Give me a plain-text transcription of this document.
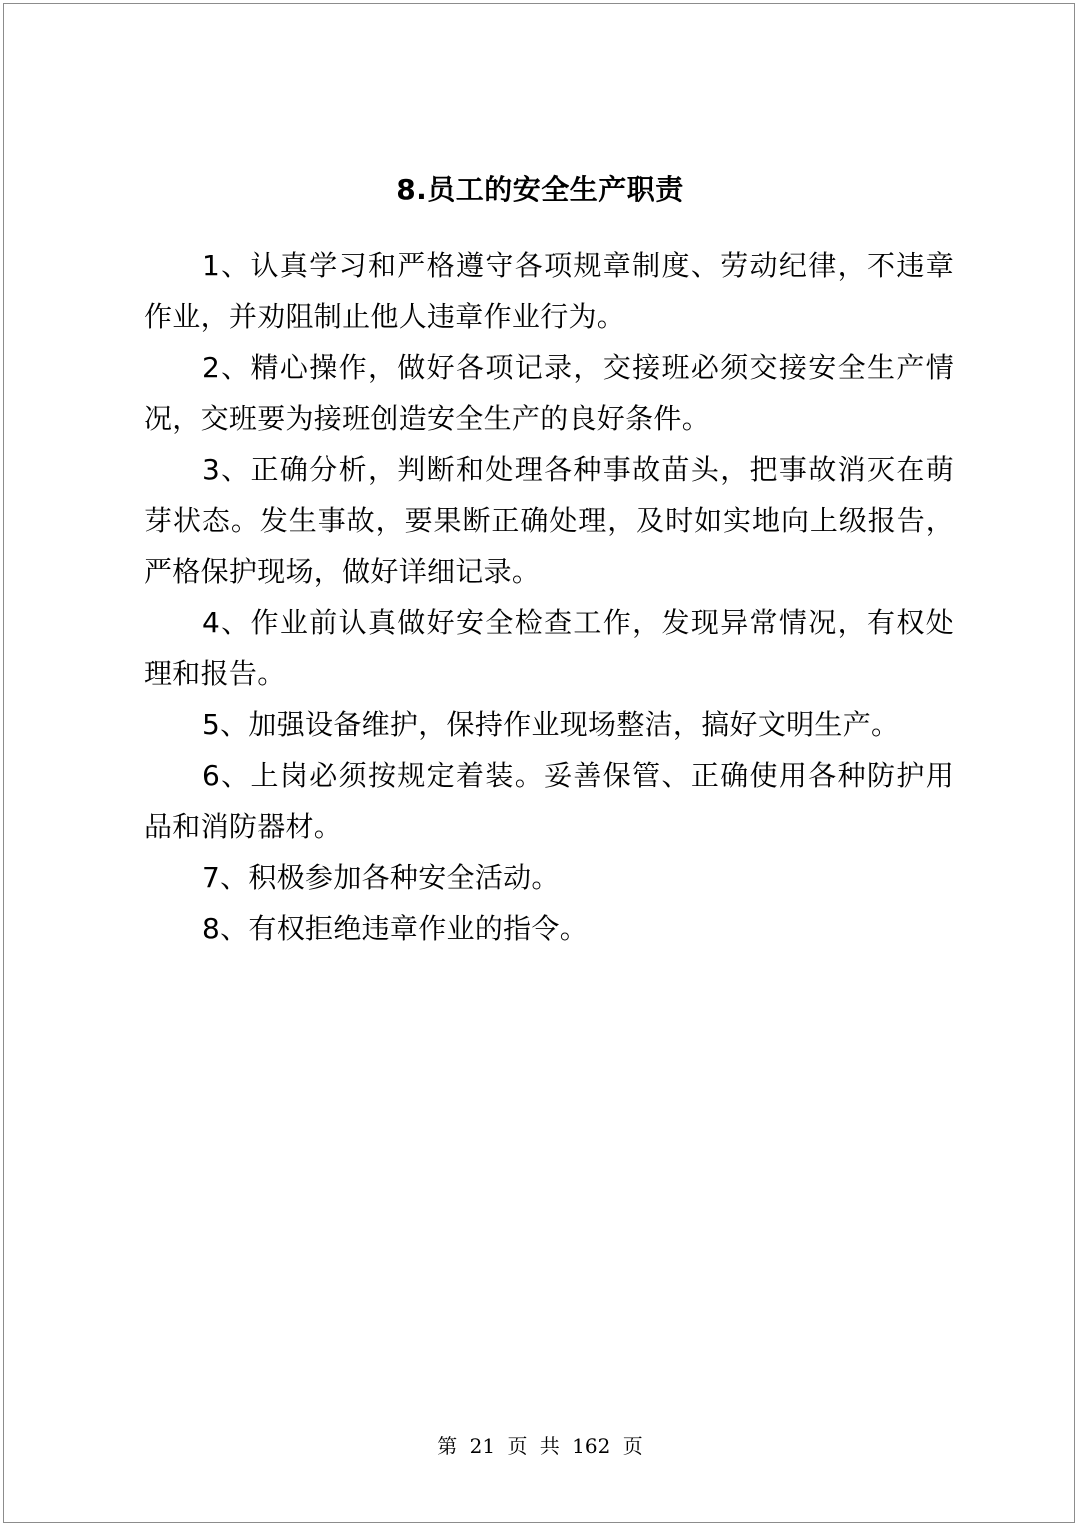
8.员工的安全生产职责

1、认真学习和严格遵守各项规章制度、劳动纪律，不违章作业，并劝阻制止他人违章作业行为。

2、精心操作，做好各项记录，交接班必须交接安全生产情况，交班要为接班创造安全生产的良好条件。

3、正确分析，判断和处理各种事故苗头，把事故消灭在萌芽状态。发生事故，要果断正确处理，及时如实地向上级报告，严格保护现场，做好详细记录。

4、作业前认真做好安全检查工作，发现异常情况，有权处理和报告。

5、加强设备维护，保持作业现场整洁，搞好文明生产。

6、上岗必须按规定着装。妥善保管、正确使用各种防护用品和消防器材。

7、积极参加各种安全活动。

8、有权拒绝违章作业的指令。

第 21 页 共 162 页
